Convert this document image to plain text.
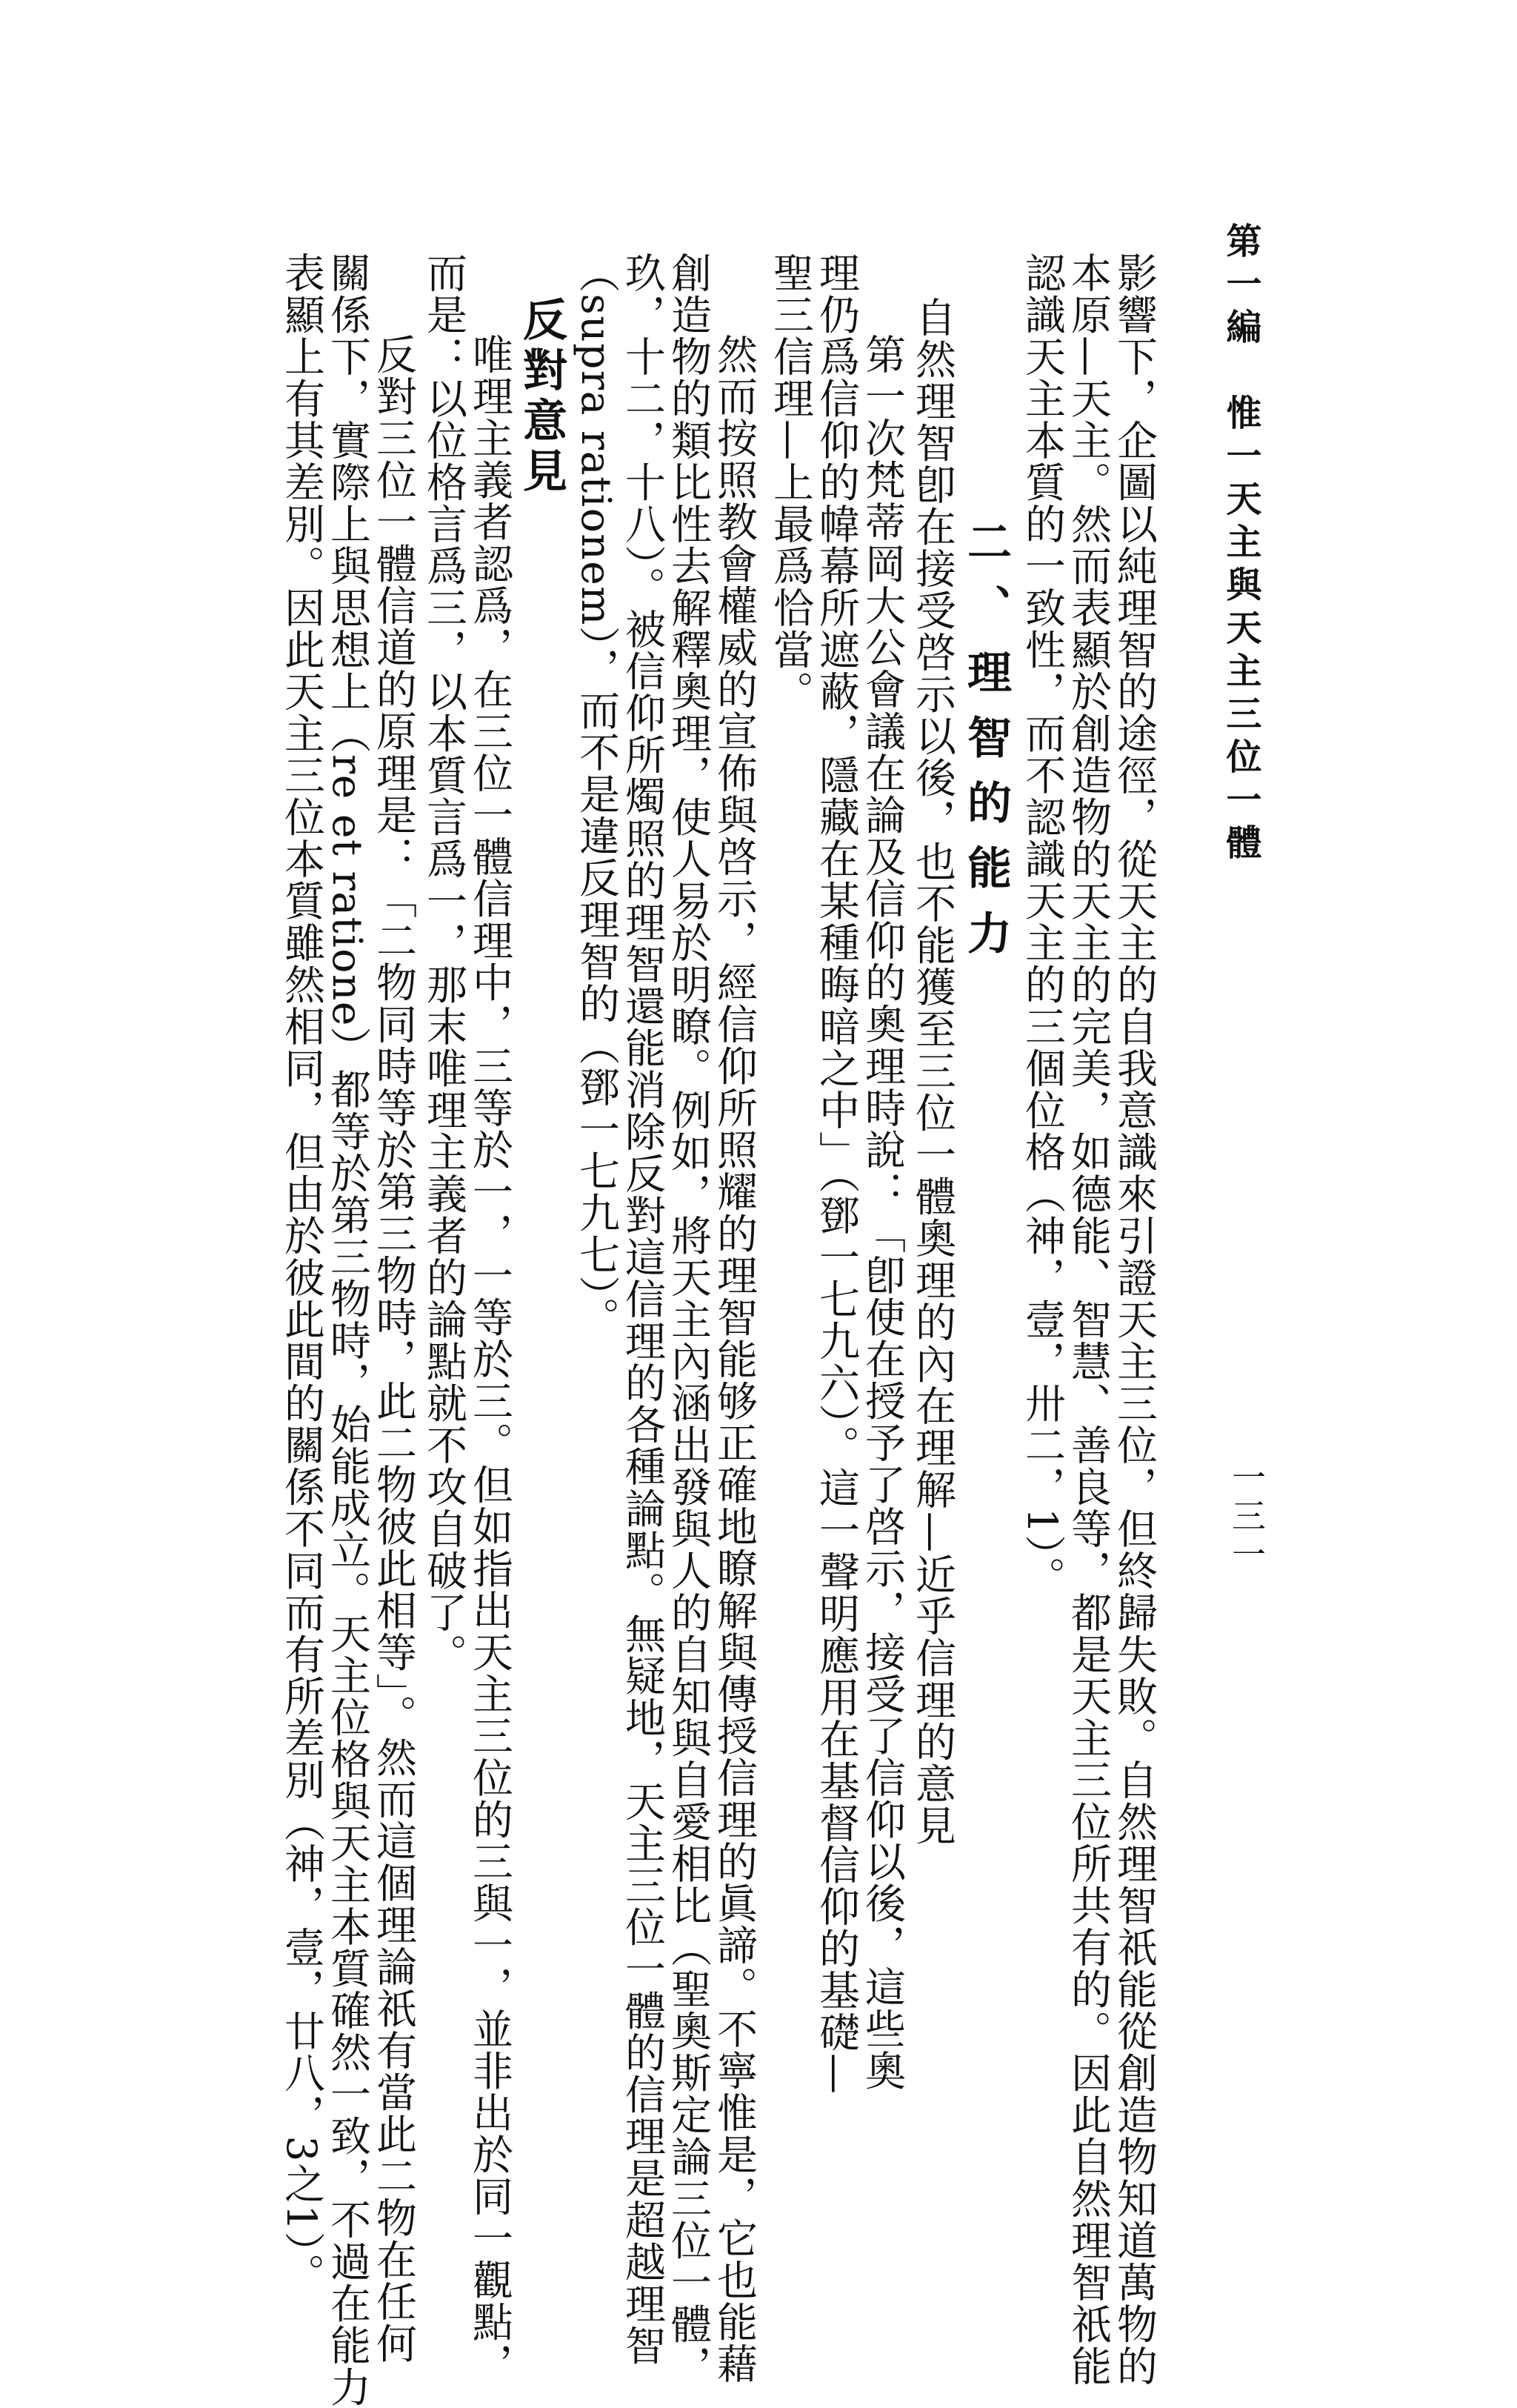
第一編　惟一天主與天主三位一體
一三一
影響下，企圖以純理智的途徑，從天主的自我意識來引證天主三位，但終歸失敗。自然理智祇能從創造物知道萬物的
本原—天主。然而表顯於創造物的天主的完美，如德能、智慧、善良等，都是天主三位所共有的。因此自然理智祇能
認識天主本質的一致性，而不認識天主的三個位格（神，壹，卅二，1）。
二、理智的能力
自然理智卽在接受啓示以後，也不能獲至三位一體奧理的內在理解
—近乎信理的意見
第一次梵蒂岡大公會議在論及信仰的奧理時說：「卽使在授予了啓示，接受了信仰以後，這些奧
理仍爲信仰的幃幕所遮蔽，隱藏在某種晦暗之中」（鄧一七九六）。這一聲明應用在基督信仰的基礎—
聖三信理—上最爲恰當。
然而按照教會權威的宣佈與啓示，經信仰所照耀的理智能够正確地瞭解與傳授信理的眞諦。不寧惟是，它也能藉
創造物的類比性去解釋奧理，使人易於明瞭。例如，將天主內涵出發與人的自知與自愛相比（聖奧斯定論三位一體，
玖，十二，十八）。被信仰所燭照的理智還能消除反對這信理的各種論點。無疑地，天主三位一體的信理是超越理智
（supra rationem），而不是違反理智的（鄧一七九七）。
反對意見
唯理主義者認爲，在三位一體信理中，三等於一，一等於三。但如指出天主三位的三與一，並非出於同一觀點，
而是：以位格言爲三，以本質言爲一，那末唯理主義者的論點就不攻自破了。
反對三位一體信道的原理是：「二物同時等於第三物時，此二物彼此相等」。然而這個理論祇有當此二物在任何
關係下，實際上與思想上（re et ratione）都等於第三物時，始能成立。天主位格與天主本質確然一致，不過在能力
表顯上有其差別。因此天主三位本質雖然相同，但由於彼此間的關係不同而有所差別（神，壹，廿八，3之1）。
